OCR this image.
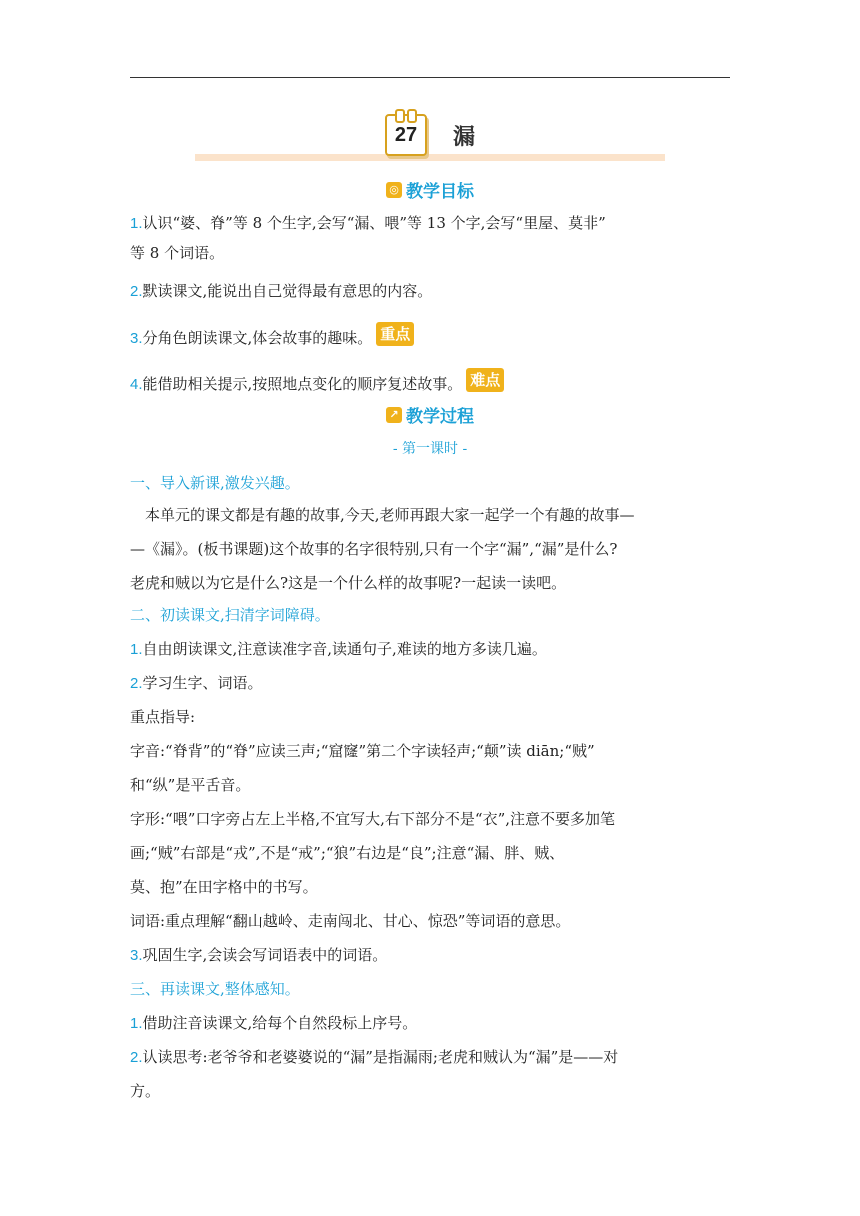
27 漏
◎ 教学目标
1.认识“婆、脊”等 8 个生字,会写“漏、喂”等 13 个字,会写“里屋、莫非”
等 8 个词语。
2.默读课文,能说出自己觉得最有意思的内容。
3.分角色朗读课文,体会故事的趣味。 重点
4.能借助相关提示,按照地点变化的顺序复述故事。 难点
↗ 教学过程
- 第一课时 -
一、导入新课,激发兴趣。
本单元的课文都是有趣的故事,今天,老师再跟大家一起学一个有趣的故事—
—《漏》。(板书课题)这个故事的名字很特别,只有一个字“漏”,“漏”是什么?
老虎和贼以为它是什么?这是一个什么样的故事呢?一起读一读吧。
二、初读课文,扫清字词障碍。
1.自由朗读课文,注意读准字音,读通句子,难读的地方多读几遍。
2.学习生字、词语。
重点指导:
字音:“脊背”的“脊”应读三声;“窟窿”第二个字读轻声;“颠”读 diān;“贼”
和“纵”是平舌音。
字形:“喂”口字旁占左上半格,不宜写大,右下部分不是“衣”,注意不要多加笔
画;“贼”右部是“戎”,不是“戒”;“狼”右边是“良”;注意“漏、胖、贼、
莫、抱”在田字格中的书写。
词语:重点理解“翻山越岭、走南闯北、甘心、惊恐”等词语的意思。
3.巩固生字,会读会写词语表中的词语。
三、再读课文,整体感知。
1.借助注音读课文,给每个自然段标上序号。
2.认读思考:老爷爷和老婆婆说的“漏”是指漏雨;老虎和贼认为“漏”是——对
方。
